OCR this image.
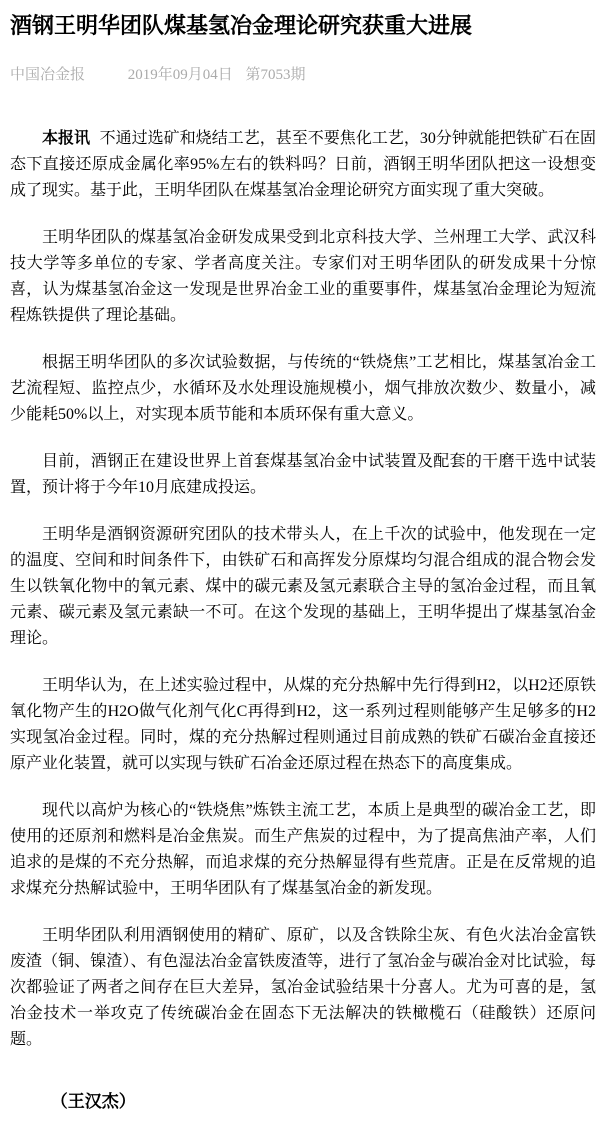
酒钢王明华团队煤基氢冶金理论研究获重大进展
中国冶金报	2019年09月04日 第7053期

本报讯 不通过选矿和烧结工艺，甚至不要焦化工艺，30分钟就能把铁矿石在固态下直接还原成金属化率95%左右的铁料吗？日前，酒钢王明华团队把这一设想变成了现实。基于此，王明华团队在煤基氢冶金理论研究方面实现了重大突破。

王明华团队的煤基氢冶金研发成果受到北京科技大学、兰州理工大学、武汉科技大学等多单位的专家、学者高度关注。专家们对王明华团队的研发成果十分惊喜，认为煤基氢冶金这一发现是世界冶金工业的重要事件，煤基氢冶金理论为短流程炼铁提供了理论基础。

根据王明华团队的多次试验数据，与传统的“铁烧焦”工艺相比，煤基氢冶金工艺流程短、监控点少，水循环及水处理设施规模小，烟气排放次数少、数量小，减少能耗50%以上，对实现本质节能和本质环保有重大意义。

目前，酒钢正在建设世界上首套煤基氢冶金中试装置及配套的干磨干选中试装置，预计将于今年10月底建成投运。

王明华是酒钢资源研究团队的技术带头人，在上千次的试验中，他发现在一定的温度、空间和时间条件下，由铁矿石和高挥发分原煤均匀混合组成的混合物会发生以铁氧化物中的氧元素、煤中的碳元素及氢元素联合主导的氢冶金过程，而且氧元素、碳元素及氢元素缺一不可。在这个发现的基础上，王明华提出了煤基氢冶金理论。

王明华认为，在上述实验过程中，从煤的充分热解中先行得到H2，以H2还原铁氧化物产生的H2O做气化剂气化C再得到H2，这一系列过程则能够产生足够多的H2实现氢冶金过程。同时，煤的充分热解过程则通过目前成熟的铁矿石碳冶金直接还原产业化装置，就可以实现与铁矿石冶金还原过程在热态下的高度集成。

现代以高炉为核心的“铁烧焦”炼铁主流工艺，本质上是典型的碳冶金工艺，即使用的还原剂和燃料是冶金焦炭。而生产焦炭的过程中，为了提高焦油产率，人们追求的是煤的不充分热解，而追求煤的充分热解显得有些荒唐。正是在反常规的追求煤充分热解试验中，王明华团队有了煤基氢冶金的新发现。

王明华团队利用酒钢使用的精矿、原矿，以及含铁除尘灰、有色火法冶金富铁废渣（铜、镍渣）、有色湿法冶金富铁废渣等，进行了氢冶金与碳冶金对比试验，每次都验证了两者之间存在巨大差异，氢冶金试验结果十分喜人。尤为可喜的是，氢冶金技术一举攻克了传统碳冶金在固态下无法解决的铁橄榄石（硅酸铁）还原问题。

（王汉杰）
